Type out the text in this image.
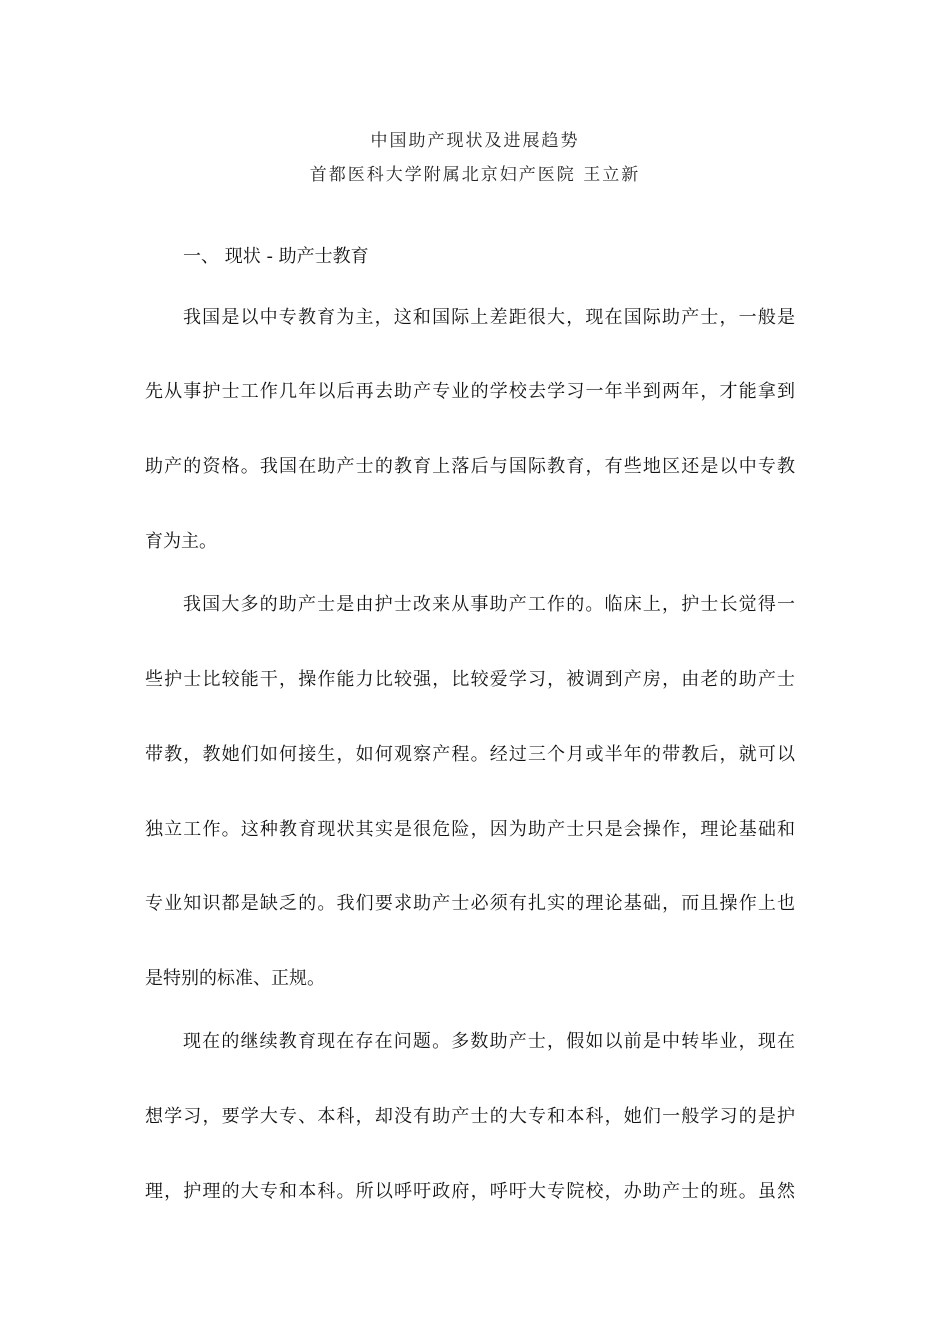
中国助产现状及进展趋势
首都医科大学附属北京妇产医院 王立新
一、 现状 - 助产士教育
我国是以中专教育为主，这和国际上差距很大，现在国际助产士，一般是
先从事护士工作几年以后再去助产专业的学校去学习一年半到两年，才能拿到
助产的资格。我国在助产士的教育上落后与国际教育，有些地区还是以中专教
育为主。
我国大多的助产士是由护士改来从事助产工作的。临床上，护士长觉得一
些护士比较能干，操作能力比较强，比较爱学习，被调到产房，由老的助产士
带教，教她们如何接生，如何观察产程。经过三个月或半年的带教后，就可以
独立工作。这种教育现状其实是很危险，因为助产士只是会操作，理论基础和
专业知识都是缺乏的。我们要求助产士必须有扎实的理论基础，而且操作上也
是特别的标准、正规。
现在的继续教育现在存在问题。多数助产士，假如以前是中转毕业，现在
想学习，要学大专、本科，却没有助产士的大专和本科，她们一般学习的是护
理，护理的大专和本科。所以呼吁政府，呼吁大专院校，办助产士的班。虽然
